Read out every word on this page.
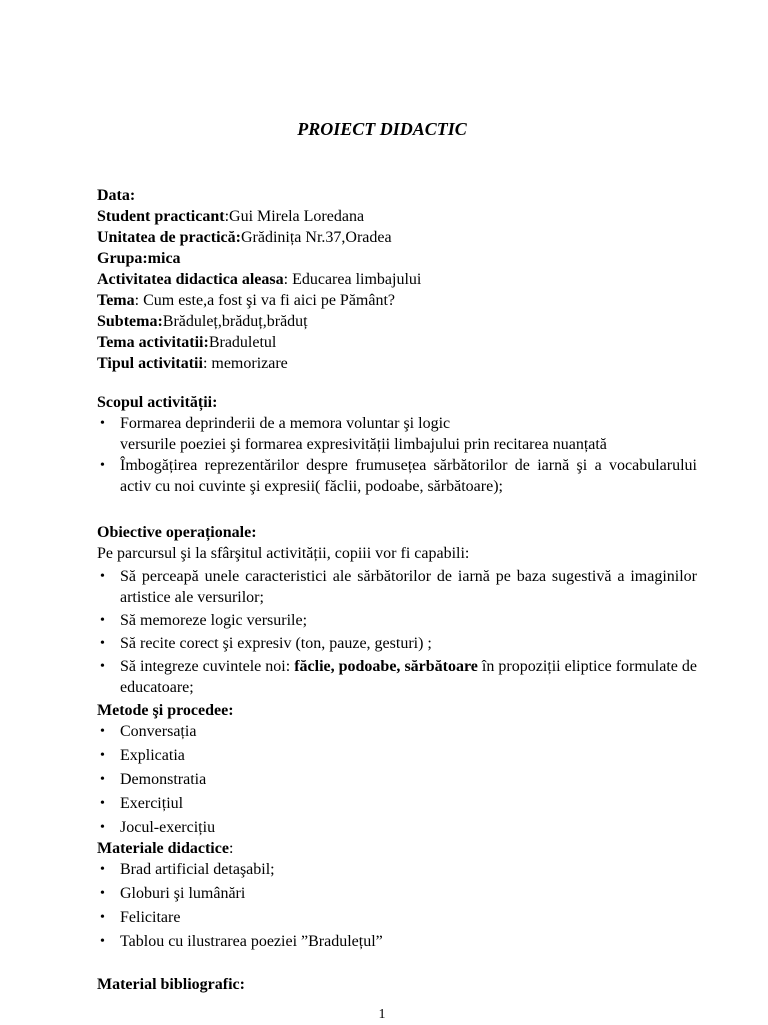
PROIECT DIDACTIC
Data:
Student practicant:Gui Mirela Loredana
Unitatea de practică:Grădinița Nr.37,Oradea
Grupa:mica
Activitatea didactica aleasa: Educarea limbajului
Tema: Cum este,a fost şi va fi aici pe Pământ?
Subtema:Brăduleț,brăduț,brăduț
Tema activitatii:Braduletul
Tipul activitatii: memorizare
Scopul activității:
• Formarea deprinderii de a memora voluntar şi logic
versurile poeziei şi formarea expresivității limbajului prin recitarea nuanțată
• Îmbogățirea reprezentărilor despre frumusețea sărbătorilor de iarnă şi a vocabularului activ cu noi cuvinte şi expresii( făclii, podoabe, sărbătoare);
Obiective operaționale:
Pe parcursul şi la sfârşitul activității, copiii vor fi capabili:
• Să perceapă unele caracteristici ale sărbătorilor de iarnă pe baza sugestivă a imaginilor artistice ale versurilor;
• Să memoreze logic versurile;
• Să recite corect şi expresiv (ton, pauze, gesturi) ;
• Să integreze cuvintele noi: făclie, podoabe, sărbătoare în propoziții eliptice formulate de educatoare;
Metode şi procedee:
• Conversația
• Explicatia
• Demonstratia
• Exercițiul
• Jocul-exercițiu
Materiale didactice:
• Brad artificial detaşabil;
• Globuri şi lumânări
• Felicitare
• Tablou cu ilustrarea poeziei ”Bradulețul”
Material bibliografic:
1
